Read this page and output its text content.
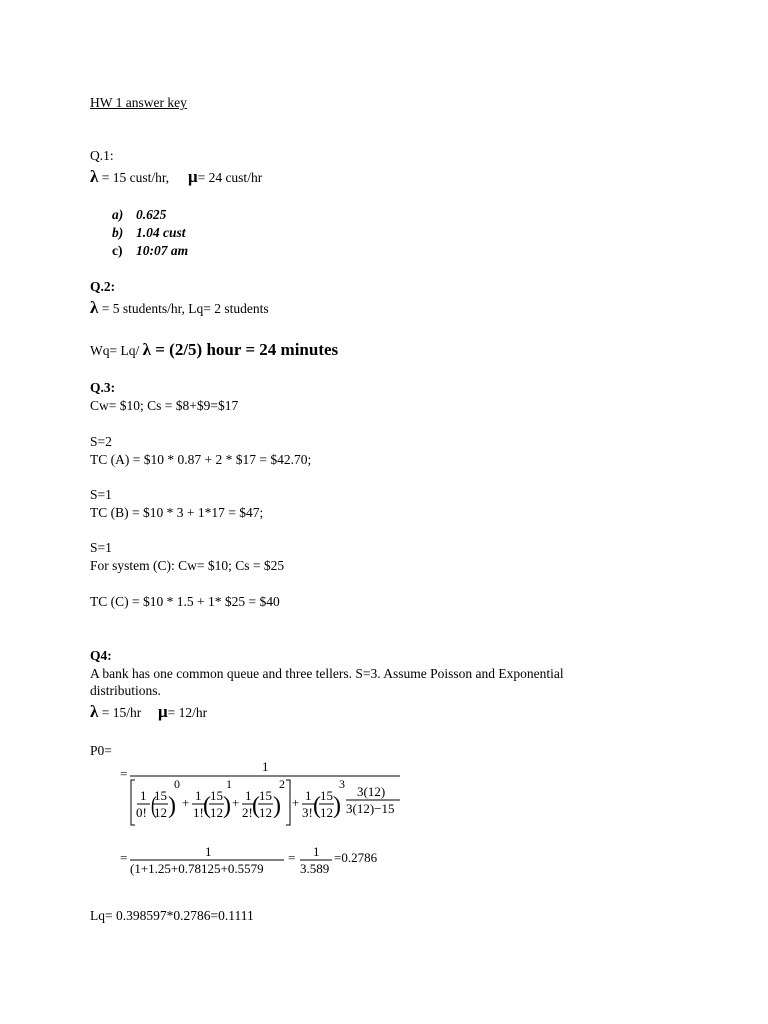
HW 1 answer key
Q.1:
λ = 15 cust/hr, μ= 24 cust/hr
a) 0.625
b) 1.04 cust
c) 10:07 am
Q.2:
λ = 5 students/hr, Lq= 2 students
Wq= Lq/ λ = (2/5) hour = 24 minutes
Q.3:
Cw= $10; Cs = $8+$9=$17
S=2
TC (A) = $10 * 0.87 + 2 * $17 = $42.70;
S=1
TC (B) = $10 * 3 + 1*17 = $47;
S=1
For system (C): Cw= $10; Cs = $25
TC (C) = $10 * 1.5 + 1* $25 = $40
Q4:
A bank has one common queue and three tellers. S=3. Assume Poisson and Exponential
distributions.
λ = 15/hr μ= 12/hr
P0=
=	1
1
0! (
15
12 )
0
+ 1
1! ( 15
12 )
1
+ 1
2! ( 15
12 )
2
+ 1
3! ( 15
12 )
3 3(12)
3(12)−15
=	1
(1+1.25+0.78125+0.5579
= 1
3.589
=0.2786
Lq= 0.398597*0.2786=0.1111
